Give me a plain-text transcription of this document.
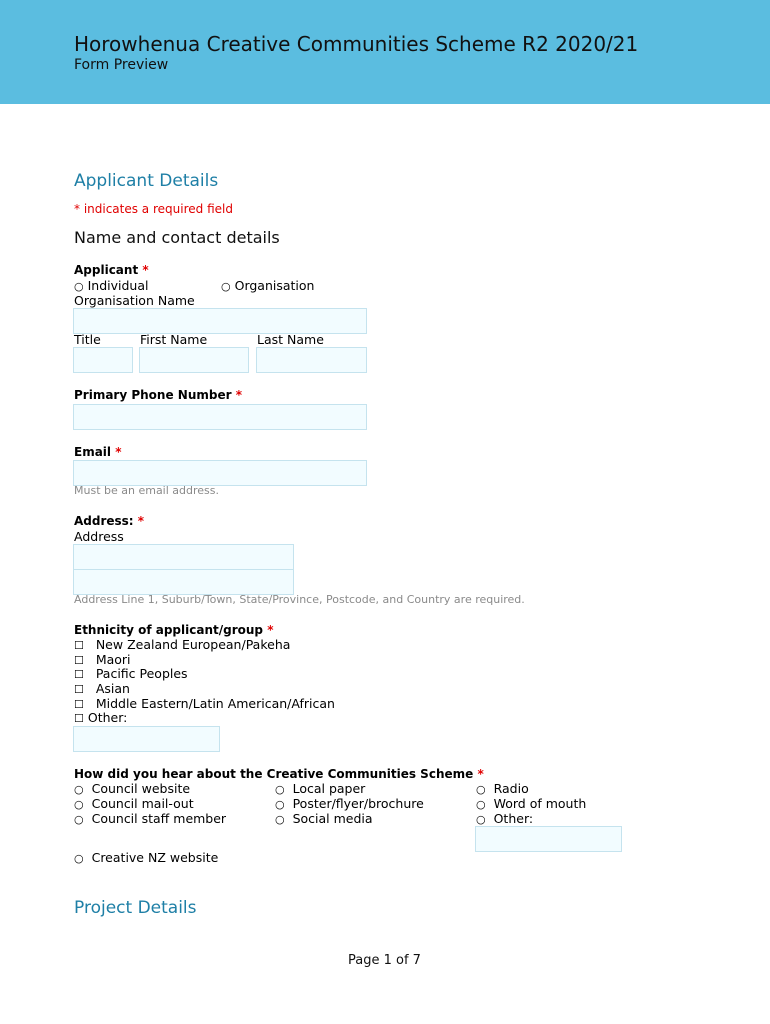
Horowhenua Creative Communities Scheme R2 2020/21
Form Preview
Applicant Details
* indicates a required field
Name and contact details
Applicant *
○ Individual	○ Organisation
Organisation Name
Title	First Name	Last Name
Primary Phone Number *
Email *
Must be an email address.
Address: *
Address
Address Line 1, Suburb/Town, State/Province, Postcode, and Country are required.
Ethnicity of applicant/group *
☐ New Zealand European/Pakeha
☐ Maori
☐ Pacific Peoples
☐ Asian
☐ Middle Eastern/Latin American/African
☐ Other:
How did you hear about the Creative Communities Scheme *
○ Council website
○ Council mail-out
○ Council staff member
○ Local paper
○ Poster/flyer/brochure
○ Social media
○ Radio
○ Word of mouth
○ Other:
○ Creative NZ website
Project Details
Page 1 of 7
